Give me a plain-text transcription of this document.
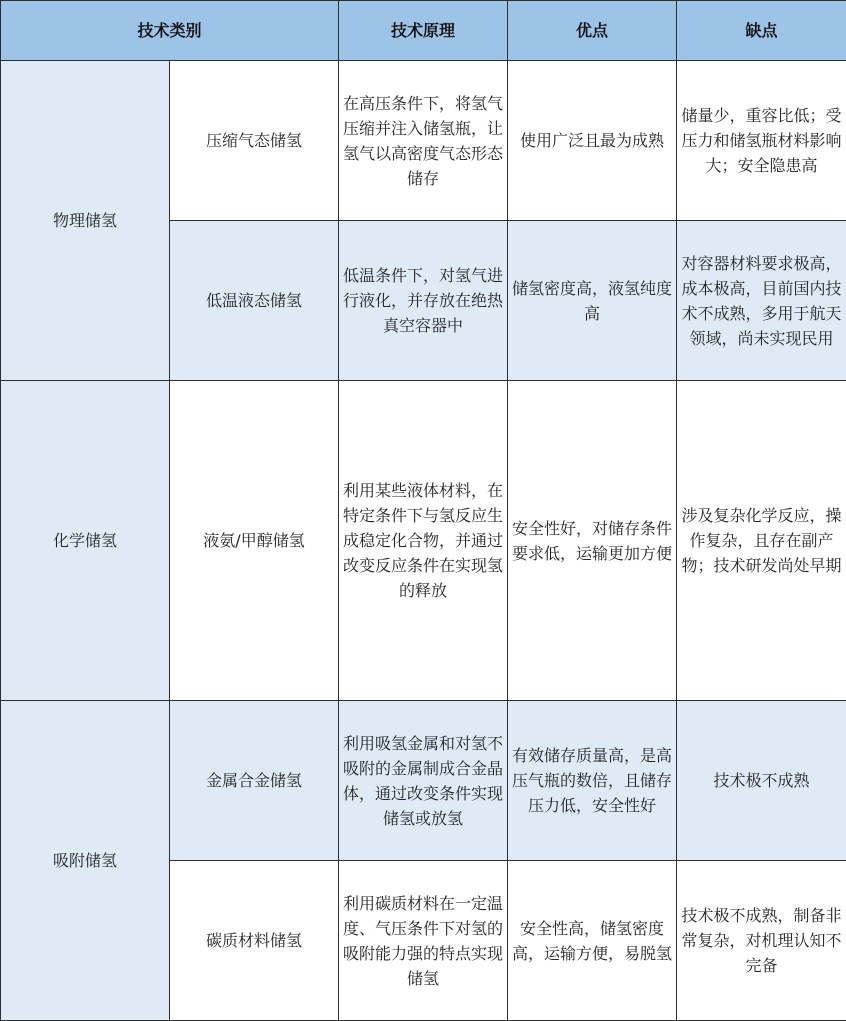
技术类别		技术原理	优点	缺点
物理储氢	压缩气态储氢	在高压条件下，将氢气压缩并注入储氢瓶，让氢气以高密度气态形态储存	使用广泛且最为成熟	储量少，重容比低；受压力和储氢瓶材料影响大；安全隐患高
	低温液态储氢	低温条件下，对氢气进行液化，并存放在绝热真空容器中	储氢密度高，液氢纯度高	对容器材料要求极高，成本极高，目前国内技术不成熟，多用于航天领域，尚未实现民用
化学储氢	液氨/甲醇储氢	利用某些液体材料，在特定条件下与氢反应生成稳定化合物，并通过改变反应条件在实现氢的释放	安全性好，对储存条件要求低，运输更加方便	涉及复杂化学反应，操作复杂，且存在副产物；技术研发尚处早期
吸附储氢	金属合金储氢	利用吸氢金属和对氢不吸附的金属制成合金晶体，通过改变条件实现储氢或放氢	有效储存质量高，是高压气瓶的数倍，且储存压力低，安全性好	技术极不成熟
	碳质材料储氢	利用碳质材料在一定温度、气压条件下对氢的吸附能力强的特点实现储氢	安全性高，储氢密度高，运输方便，易脱氢	技术极不成熟，制备非常复杂，对机理认知不完备
